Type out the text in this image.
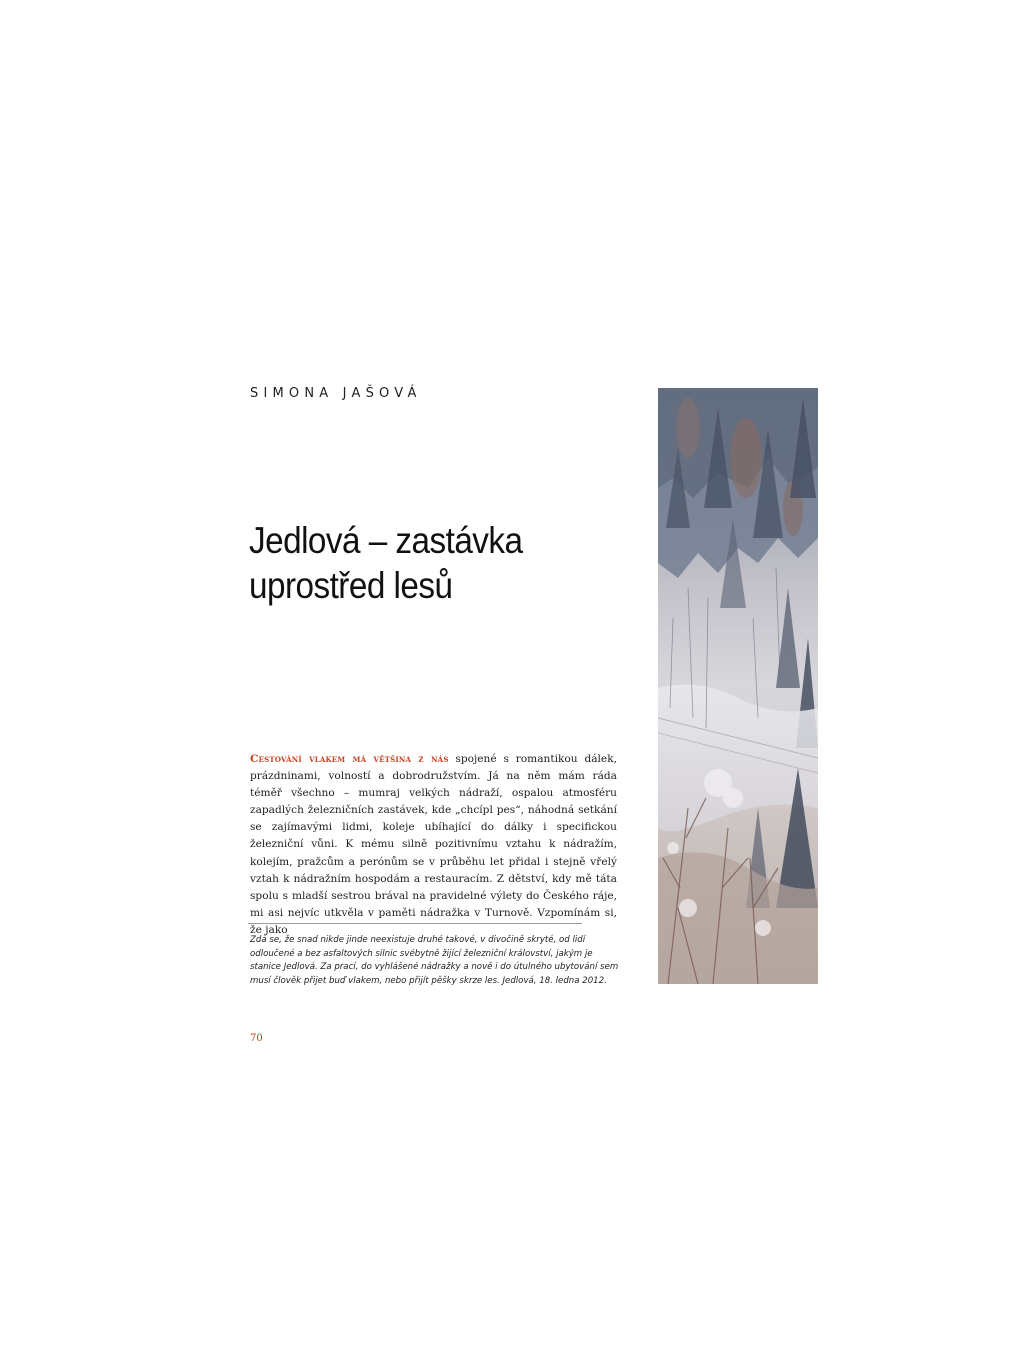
SIMONA JAŠOVÁ
Jedlová – zastávka
uprostřed lesů

Cestování vlakem má většina z nás spojené s romantikou dálek, prázdninami, volností a dobrodružstvím. Já na něm mám ráda téměř všechno – mumraj velkých nádraží, ospalou atmosféru zapadlých železničních zastávek, kde „chcípl pes“, náhodná setkání se zajímavými lidmi, koleje ubíhající do dálky i specifickou železniční vůni. K mému silně pozitivnímu vztahu k nádražím, kolejím, pražcům a perónům se v průběhu let přidal i stejně vřelý vztah k nádražním hospodám a restauracím. Z dětství, kdy mě táta spolu s mladší sestrou brával na pravidelné výlety do Českého ráje, mi asi nejvíc utkvěla v paměti nádražka v Turnově. Vzpomínám si, že jako

Zdá se, že snad nikde jinde neexistuje druhé takové, v divočině skryté, od lidí odloučené a bez asfaltových silnic svébytně žijící železniční království, jakým je stanice Jedlová. Za prací, do vyhlášené nádražky a nově i do útulného ubytování sem musí člověk přijet buď vlakem, nebo přijít pěšky skrze les. Jedlová, 18. ledna 2012.

70
